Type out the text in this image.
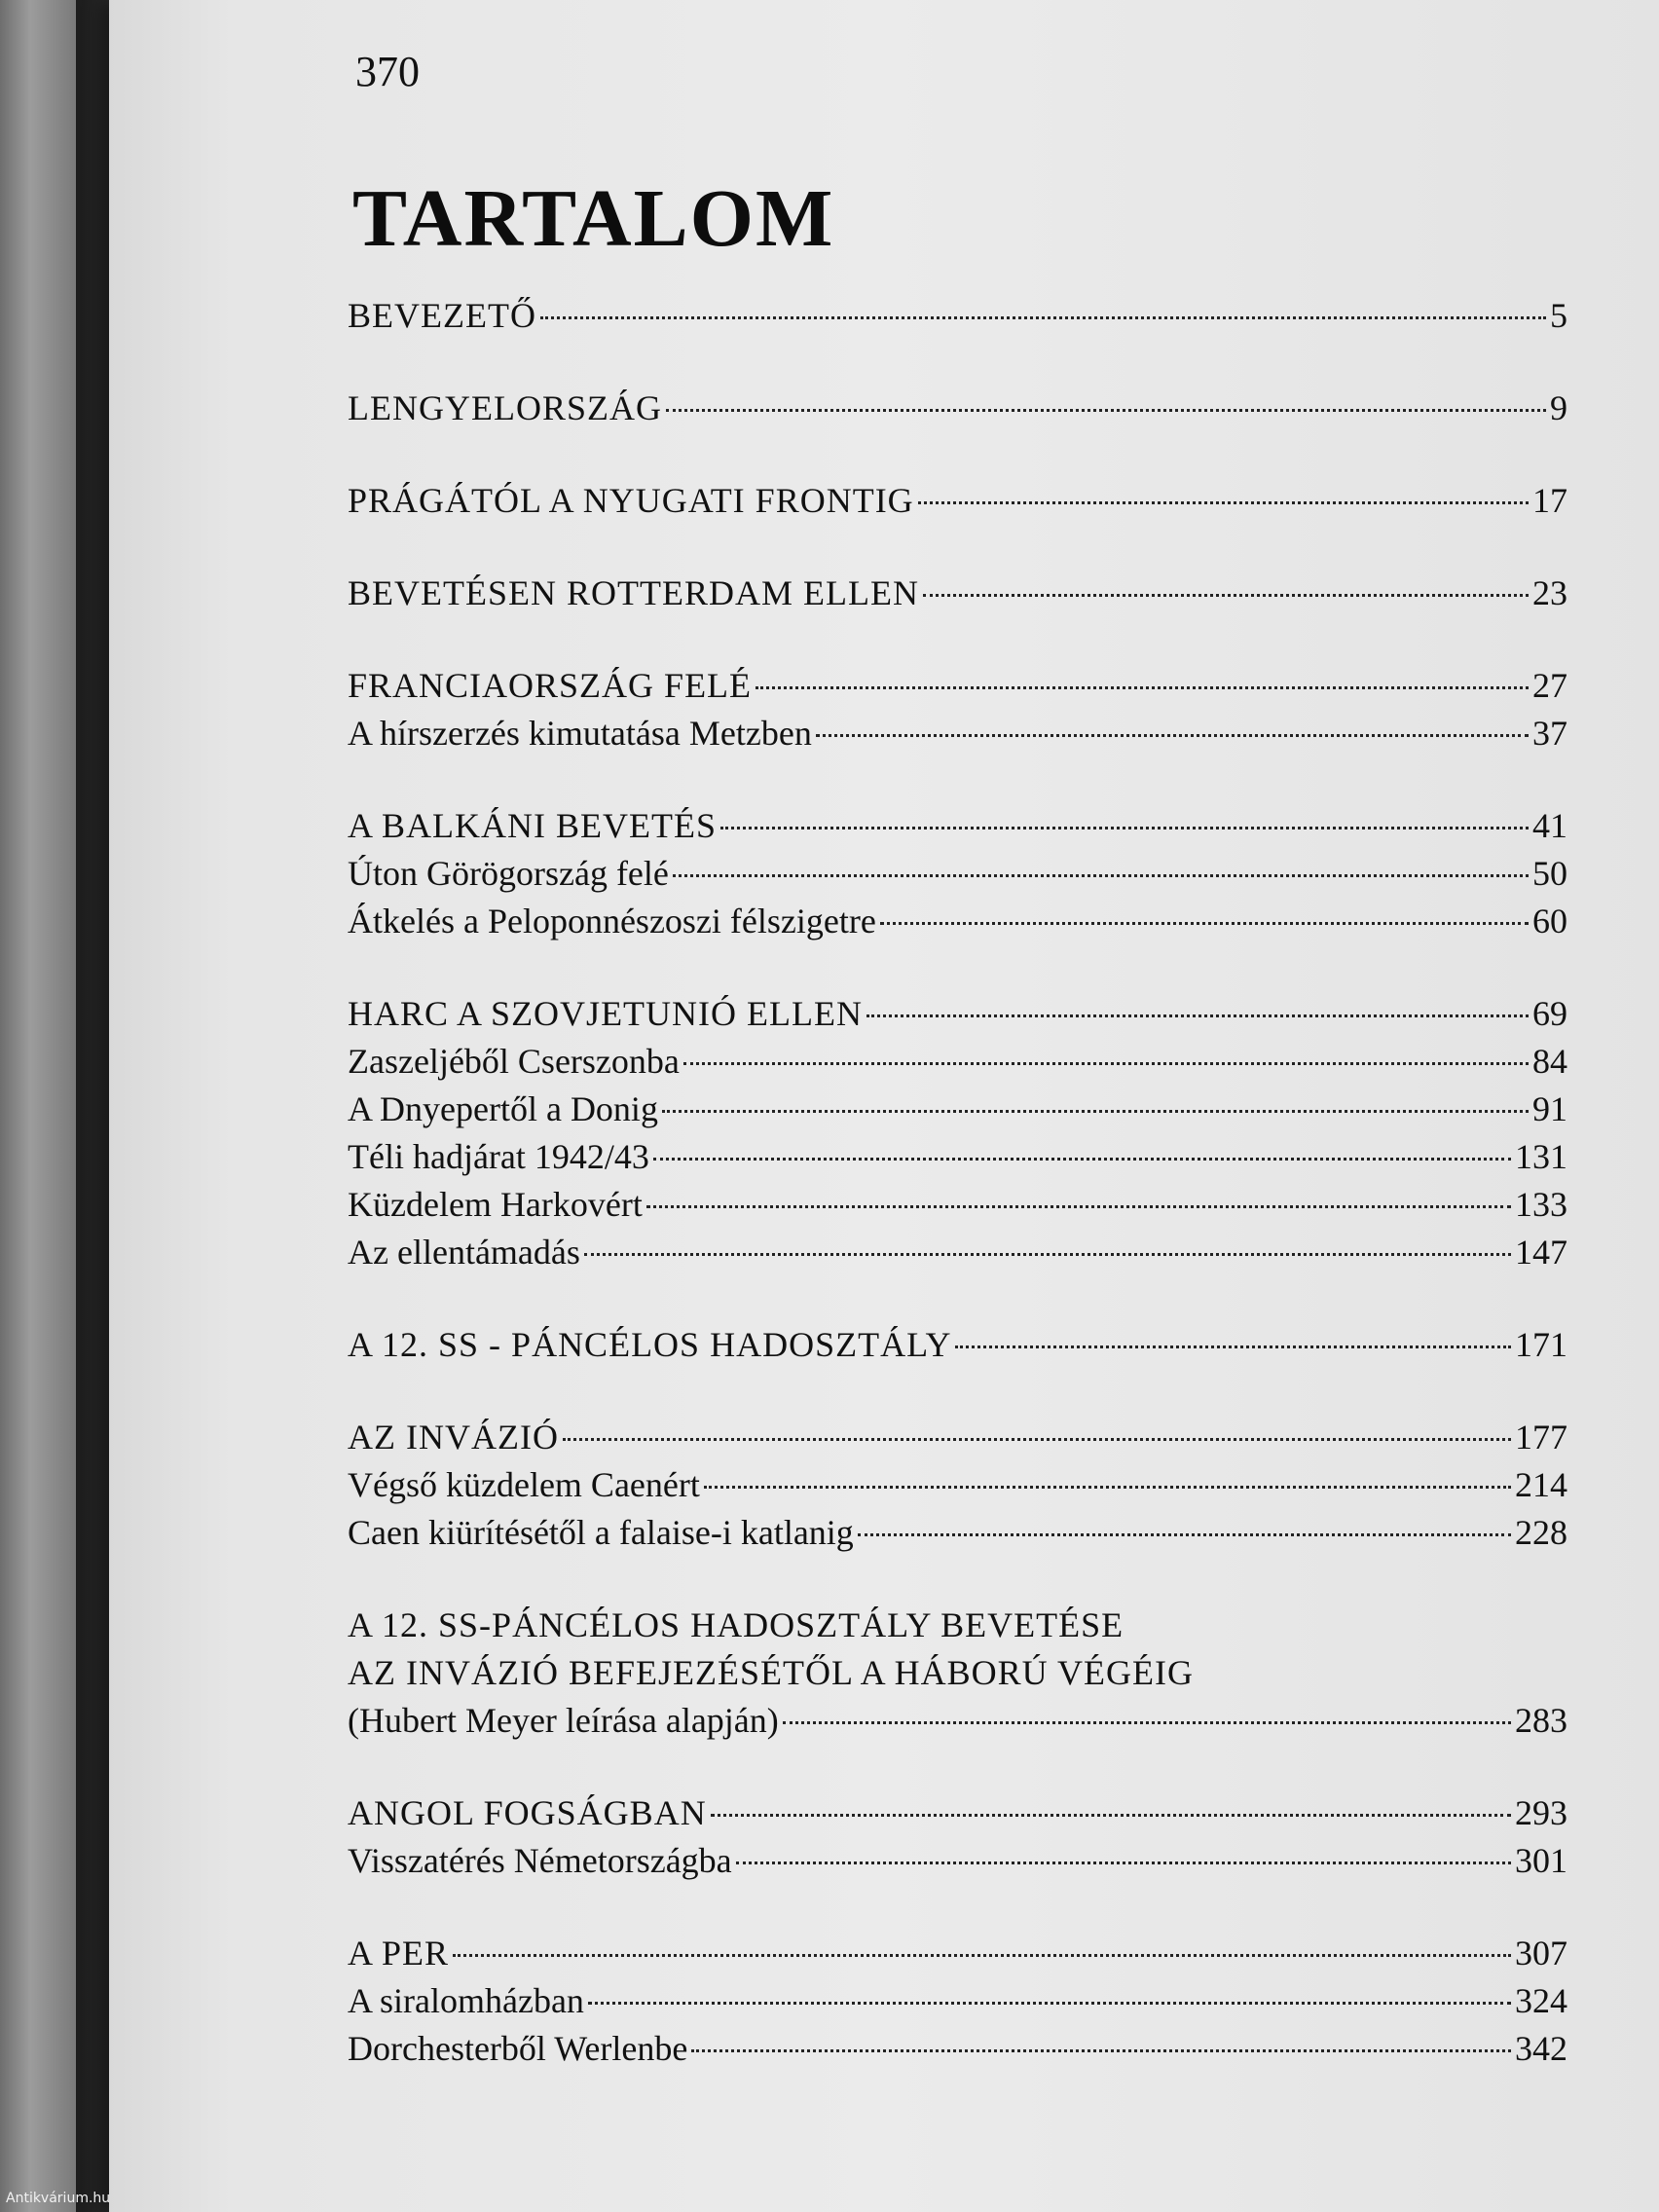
370
TARTALOM
BEVEZETŐ	5
LENGYELORSZÁG	9
PRÁGÁTÓL A NYUGATI FRONTIG	17
BEVETÉSEN ROTTERDAM ELLEN	23
FRANCIAORSZÁG FELÉ	27
A hírszerzés kimutatása Metzben	37
A BALKÁNI BEVETÉS	41
Úton Görögország felé	50
Átkelés a Peloponnészoszi félszigetre	60
HARC A SZOVJETUNIÓ ELLEN	69
Zaszeljéből Cserszonba	84
A Dnyepertől a Donig	91
Téli hadjárat 1942/43	131
Küzdelem Harkovért	133
Az ellentámadás	147
A 12. SS - PÁNCÉLOS HADOSZTÁLY	171
AZ INVÁZIÓ	177
Végső küzdelem Caenért	214
Caen kiürítésétől a falaise-i katlanig	228
A 12. SS-PÁNCÉLOS HADOSZTÁLY BEVETÉSE
AZ INVÁZIÓ BEFEJEZÉSÉTŐL A HÁBORÚ VÉGÉIG
(Hubert Meyer leírása alapján)	283
ANGOL FOGSÁGBAN	293
Visszatérés Németországba	301
A PER	307
A siralomházban	324
Dorchesterből Werlenbe	342
Antikvárium.hu
